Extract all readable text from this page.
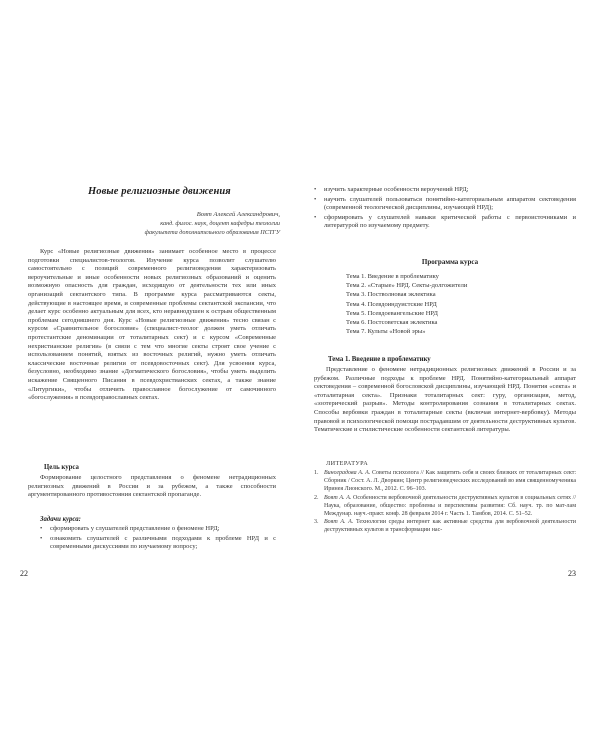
Новые религиозные движения
Воят Алексей Александрович,
канд. филос. наук, доцент кафедры теологии
факультета дополнительного образования ПСТГУ

Курс «Новые религиозные движения» занимает особенное место в процессе подготовки специалистов-теологов. Изучение курса позволит слушателю самостоятельно с позиций современного религиоведения характеризовать вероучительные и иные особенности новых религиозных образований и оценить возможную опасность для граждан, исходящую от деятельности тех или иных организаций сектантского типа. В программе курса рассматриваются секты, действующие в настоящее время, и современные проблемы сектантской экспансии, что делает курс особенно актуальным для всех, кто неравнодушен к острым общественным проблемам сегодняшнего дня. Курс «Новые религиозные движения» тесно связан с курсом «Сравнительное богословие» (специалист-теолог должен уметь отличать протестантские деноминации от тоталитарных сект) и с курсом «Современные нехристианские религии» (в связи с тем что многие секты строят свое учение с использованием понятий, взятых из восточных религий, нужно уметь отличать классические восточные религии от псевдовосточных сект). Для усвоения курса, безусловно, необходимо знание «Догматического богословия», чтобы уметь выделить искажение Священного Писания в псевдохристианских сектах, а также знание «Литургики», чтобы отличить православное богослужение от самочинного «богослужения» в псевдоправославных сектах.

Цель курса

Формирование целостного представления о феномене нетрадиционных религиозных движений в России и за рубежом, а также способности аргументированного противостояния сектантской пропаганде.

Задачи курса:
• сформировать у слушателей представление о феномене НРД;
• ознакомить слушателей с различными подходами к проблеме НРД и с современными дискуссиями по изучаемому вопросу;
22
• изучить характерные особенности вероучений НРД;
• научить слушателей пользоваться понятийно-категориальным аппаратом сектоведения (современной теологической дисциплины, изучающей НРД);
• сформировать у слушателей навыки критической работы с первоисточниками и литературой по изучаемому предмету.
Программа курса
Тема 1. Введение в проблематику
Тема 2. «Старые» НРД. Секты-долгожители
Тема 3. Постволновая эклектика
Тема 4. Псевдоиндуистские НРД
Тема 5. Псевдоевангельские НРД
Тема 6. Постсоветская эклектика
Тема 7. Культы «Новой эры»
Тема 1. Введение в проблематику

Представление о феномене нетрадиционных религиозных движений в России и за рубежом. Различные подходы к проблеме НРД. Понятийно-категориальный аппарат сектоведения – современной богословской дисциплины, изучающей НРД. Понятия «секта» и «тоталитарная секта». Признаки тоталитарных сект: гуру, организация, метод, «эзотерический разрыв». Методы контролирования сознания в тоталитарных сектах. Способы вербовки граждан в тоталитарные секты (включая интернет-вербовку). Методы правовой и психологической помощи пострадавшим от деятельности деструктивных культов. Тематические и стилистические особенности сектантской литературы.

ЛИТЕРАТУРА
1. Виноградова А. А. Советы психолога // Как защитить себя и своих близких от тоталитарных сект: Сборник / Сост. А. Л. Дворкин; Центр религиоведческих исследований во имя священномученика Иринея Лионского. М., 2012. С. 96–103.
2. Воят А. А. Особенности вербовочной деятельности деструктивных культов в социальных сетях // Наука, образование, общество: проблемы и перспективы развития: Сб. науч. тр. по мат-лам Междунар. науч.-практ. конф. 28 февраля 2014 г. Часть 1. Тамбов, 2014. С. 51–52.
3. Воят А. А. Технологии среды интернет как активные средства для вербовочной деятельности деструктивных культов и трансформации нас-
23
